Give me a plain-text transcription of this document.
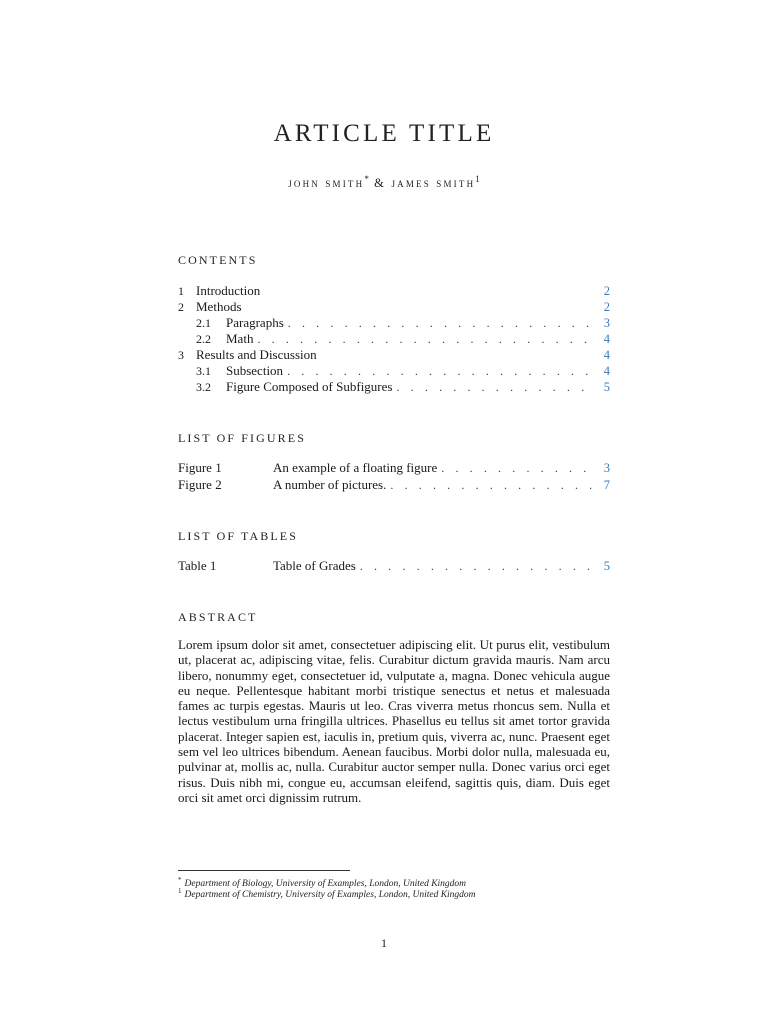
ARTICLE TITLE
john smith* & james smith$^1$
CONTENTS
1 Introduction	2
2 Methods	2
2.1	Paragraphs . . .	3
2.2	Math . . .	4
3 Results and Discussion	4
3.1	Subsection . . .	4
3.2	Figure Composed of Subfigures . . .	5
LIST OF FIGURES
Figure 1	An example of a floating figure . . .	3
Figure 2	A number of pictures. . . .	7
LIST OF TABLES
Table 1	Table of Grades . . .	5
ABSTRACT
Lorem ipsum dolor sit amet, consectetuer adipiscing elit. Ut purus elit, vestibulum ut, placerat ac, adipiscing vitae, felis. Curabitur dictum gravida mauris. Nam arcu libero, nonummy eget, consectetuer id, vulputate a, magna. Donec vehicula augue eu neque. Pellentesque habitant morbi tristique senectus et netus et malesuada fames ac turpis egestas. Mauris ut leo. Cras viverra metus rhoncus sem. Nulla et lectus vestibulum urna fringilla ultrices. Phasellus eu tellus sit amet tortor gravida placerat. Integer sapien est, iaculis in, pretium quis, viverra ac, nunc. Praesent eget sem vel leo ultrices bibendum. Aenean faucibus. Morbi dolor nulla, malesuada eu, pulvinar at, mollis ac, nulla. Curabitur auctor semper nulla. Donec varius orci eget risus. Duis nibh mi, congue eu, accumsan eleifend, sagittis quis, diam. Duis eget orci sit amet orci dignissim rutrum.
* Department of Biology, University of Examples, London, United Kingdom
$^1$ Department of Chemistry, University of Examples, London, United Kingdom
1
